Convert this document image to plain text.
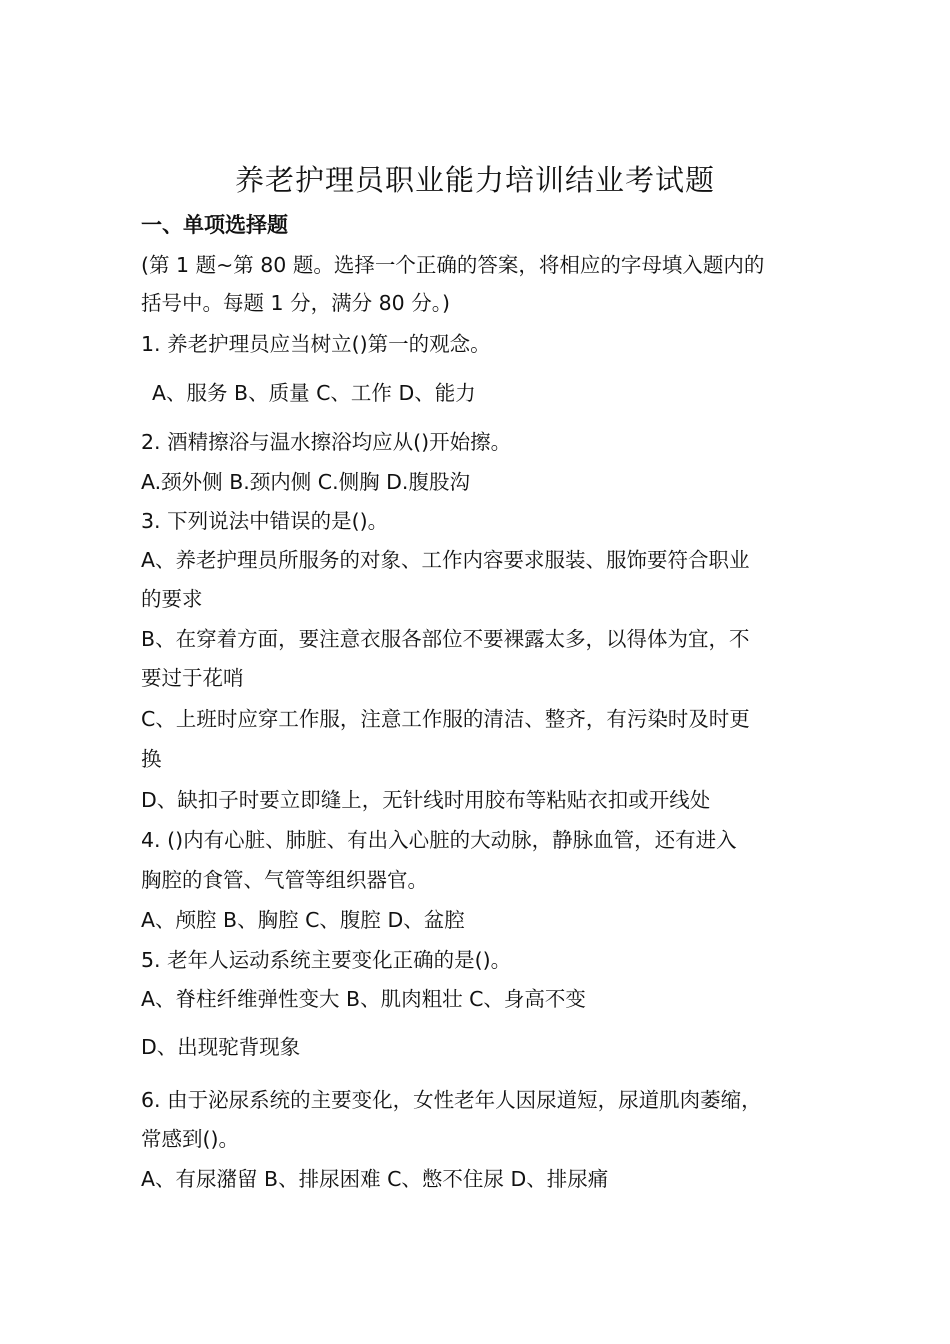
养老护理员职业能力培训结业考试题
一、单项选择题
(第 1 题~第 80 题。选择一个正确的答案，将相应的字母填入题内的
括号中。每题 1 分，满分 80 分。)
1. 养老护理员应当树立()第一的观念。
A、服务 B、质量 C、工作 D、能力
2. 酒精擦浴与温水擦浴均应从()开始擦。
A.颈外侧 B.颈内侧 C.侧胸 D.腹股沟
3. 下列说法中错误的是()。
A、养老护理员所服务的对象、工作内容要求服装、服饰要符合职业
的要求
B、在穿着方面，要注意衣服各部位不要裸露太多，以得体为宜，不
要过于花哨
C、上班时应穿工作服，注意工作服的清洁、整齐，有污染时及时更
换
D、缺扣子时要立即缝上，无针线时用胶布等粘贴衣扣或开线处
4. ()内有心脏、肺脏、有出入心脏的大动脉，静脉血管，还有进入
胸腔的食管、气管等组织器官。
A、颅腔 B、胸腔 C、腹腔 D、盆腔
5. 老年人运动系统主要变化正确的是()。
A、脊柱纤维弹性变大 B、肌肉粗壮 C、身高不变
D、出现驼背现象
6. 由于泌尿系统的主要变化，女性老年人因尿道短，尿道肌肉萎缩，
常感到()。
A、有尿潴留 B、排尿困难 C、憋不住尿 D、排尿痛
